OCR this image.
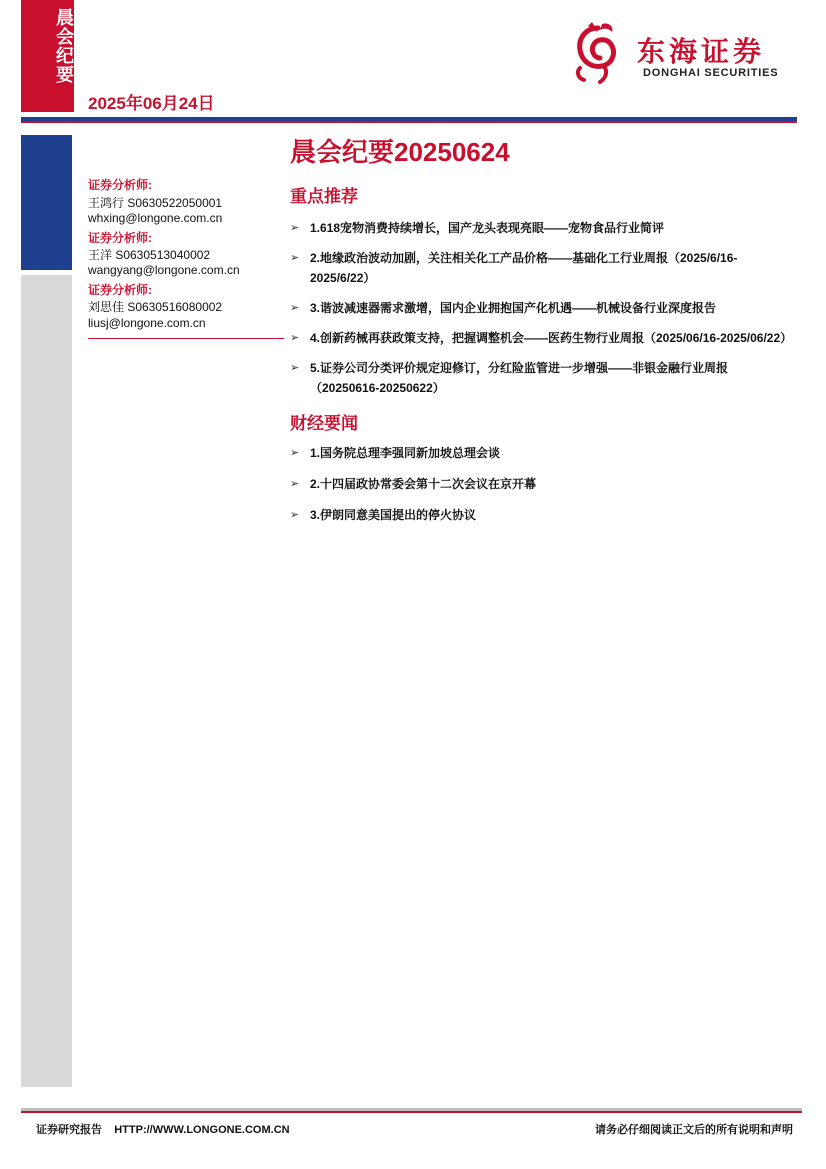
晨会纪要
2025年06月24日
东海证券
DONGHAI SECURITIES
证券分析师:
王鸿行 S0630522050001
whxing@longone.com.cn
证券分析师:
王洋 S0630513040002
wangyang@longone.com.cn
证券分析师:
刘思佳 S0630516080002
liusj@longone.com.cn
晨会纪要20250624
重点推荐
➢ 1.618宠物消费持续增长，国产龙头表现亮眼——宠物食品行业简评
➢ 2.地缘政治波动加剧，关注相关化工产品价格——基础化工行业周报（2025/6/16-2025/6/22）
➢ 3.谐波减速器需求激增，国内企业拥抱国产化机遇——机械设备行业深度报告
➢ 4.创新药械再获政策支持，把握调整机会——医药生物行业周报（2025/06/16-2025/06/22）
➢ 5.证券公司分类评价规定迎修订，分红险监管进一步增强——非银金融行业周报（20250616-20250622）
财经要闻
➢ 1.国务院总理李强同新加坡总理会谈
➢ 2.十四届政协常委会第十二次会议在京开幕
➢ 3.伊朗同意美国提出的停火协议
证券研究报告    HTTP://WWW.LONGONE.COM.CN	请务必仔细阅读正文后的所有说明和声明
